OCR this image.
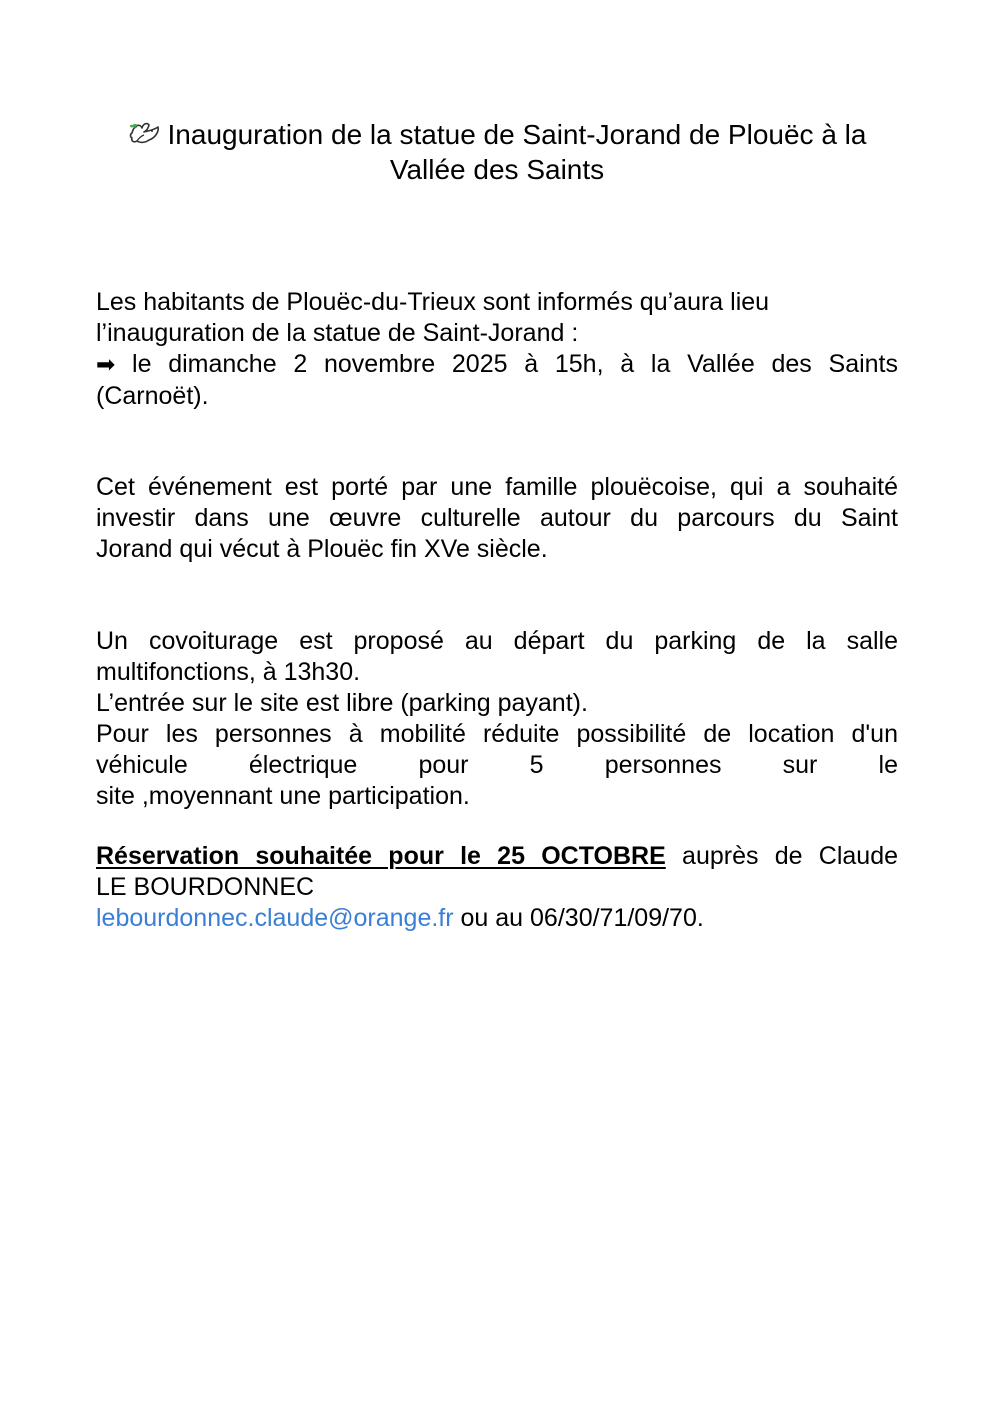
Inauguration de la statue de Saint-Jorand de Plouëc à la
Vallée des Saints

Les habitants de Plouëc-du-Trieux sont informés qu’aura lieu
l’inauguration de la statue de Saint-Jorand :
➡ le dimanche 2 novembre 2025 à 15h, à la Vallée des Saints
(Carnoët).

Cet événement est porté par une famille plouëcoise, qui a souhaité
investir dans une œuvre culturelle autour du parcours du Saint
Jorand qui vécut à Plouëc fin XVe siècle.

Un covoiturage est proposé au départ du parking de la salle
multifonctions, à 13h30.
L’entrée sur le site est libre (parking payant).
Pour les personnes à mobilité réduite possibilité de location d'un
véhicule électrique pour 5 personnes sur le
site ,moyennant une participation.

Réservation souhaitée pour le 25 OCTOBRE auprès de Claude
LE BOURDONNEC
lebourdonnec.claude@orange.fr ou au 06/30/71/09/70.
